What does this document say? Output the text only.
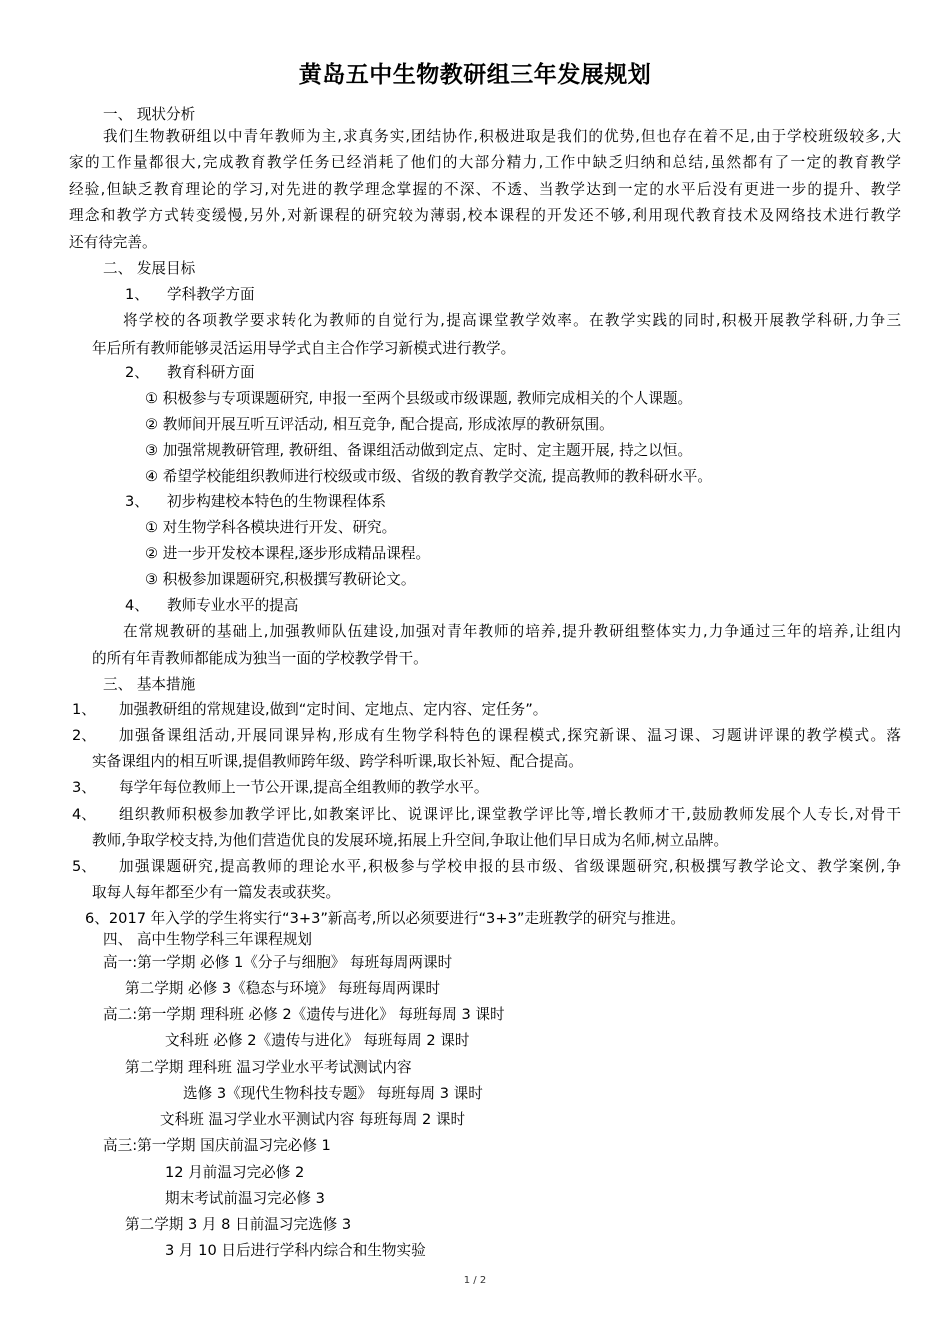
黄岛五中生物教研组三年发展规划
一、 现状分析
我们生物教研组以中青年教师为主,求真务实,团结协作,积极进取是我们的优势,但也存在着不足,由于学校班级较多,大
家的工作量都很大,完成教育教学任务已经消耗了他们的大部分精力,工作中缺乏归纳和总结,虽然都有了一定的教育教学
经验,但缺乏教育理论的学习,对先进的教学理念掌握的不深、不透、当教学达到一定的水平后没有更进一步的提升、教学
理念和教学方式转变缓慢,另外,对新课程的研究较为薄弱,校本课程的开发还不够,利用现代教育技术及网络技术进行教学
还有待完善。
二、 发展目标
1、 学科教学方面
将学校的各项教学要求转化为教师的自觉行为,提高课堂教学效率。在教学实践的同时,积极开展教学科研,力争三
年后所有教师能够灵活运用导学式自主合作学习新模式进行教学。
2、 教育科研方面
① 积极参与专项课题研究, 申报一至两个县级或市级课题, 教师完成相关的个人课题。
② 教师间开展互听互评活动, 相互竞争, 配合提高, 形成浓厚的教研氛围。
③ 加强常规教研管理, 教研组、备课组活动做到定点、定时、定主题开展, 持之以恒。
④ 希望学校能组织教师进行校级或市级、省级的教育教学交流, 提高教师的教科研水平。
3、 初步构建校本特色的生物课程体系
① 对生物学科各模块进行开发、研究。
② 进一步开发校本课程,逐步形成精品课程。
③ 积极参加课题研究,积极撰写教研论文。
4、 教师专业水平的提高
在常规教研的基础上,加强教师队伍建设,加强对青年教师的培养,提升教研组整体实力,力争通过三年的培养,让组内
的所有年青教师都能成为独当一面的学校教学骨干。
三、 基本措施
1、 加强教研组的常规建设,做到“定时间、定地点、定内容、定任务”。
2、 加强备课组活动,开展同课异构,形成有生物学科特色的课程模式,探究新课、温习课、习题讲评课的教学模式。落
实备课组内的相互听课,提倡教师跨年级、跨学科听课,取长补短、配合提高。
3、 每学年每位教师上一节公开课,提高全组教师的教学水平。
4、 组织教师积极参加教学评比,如教案评比、说课评比,课堂教学评比等,增长教师才干,鼓励教师发展个人专长,对骨干
教师,争取学校支持,为他们营造优良的发展环境,拓展上升空间,争取让他们早日成为名师,树立品牌。
5、 加强课题研究,提高教师的理论水平,积极参与学校申报的县市级、省级课题研究,积极撰写教学论文、教学案例,争
取每人每年都至少有一篇发表或获奖。
6、2017 年入学的学生将实行“3+3”新高考,所以必须要进行“3+3”走班教学的研究与推进。
四、 高中生物学科三年课程规划
高一:第一学期 必修 1《分子与细胞》 每班每周两课时
第二学期 必修 3《稳态与环境》 每班每周两课时
高二:第一学期 理科班 必修 2《遗传与进化》 每班每周 3 课时
文科班 必修 2《遗传与进化》 每班每周 2 课时
第二学期 理科班 温习学业水平考试测试内容
选修 3《现代生物科技专题》 每班每周 3 课时
文科班 温习学业水平测试内容 每班每周 2 课时
高三:第一学期 国庆前温习完必修 1
12 月前温习完必修 2
期末考试前温习完必修 3
第二学期 3 月 8 日前温习完选修 3
3 月 10 日后进行学科内综合和生物实验
1 / 2
